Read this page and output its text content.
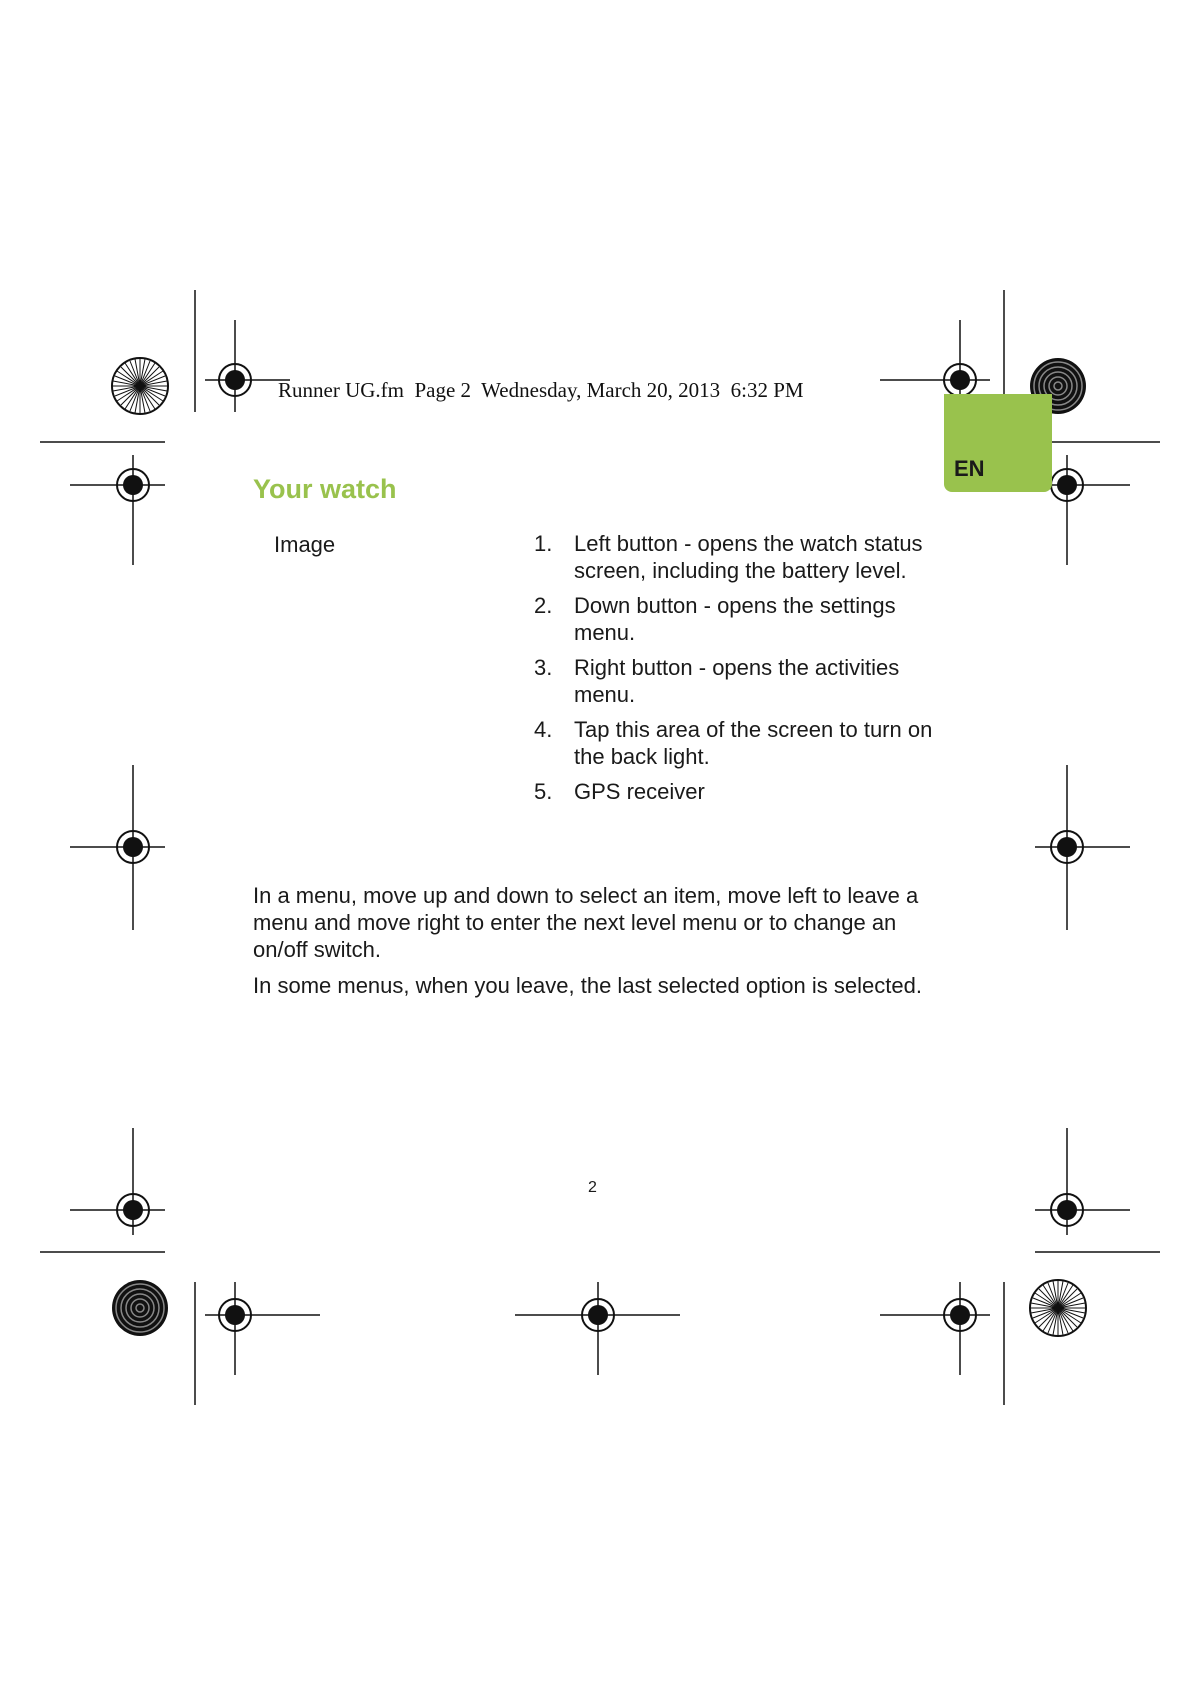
Runner UG.fm  Page 2  Wednesday, March 20, 2013  6:32 PM
EN
Your watch
Image	1. Left button - opens the watch status screen, including the battery level.
2. Down button - opens the settings menu.
3. Right button - opens the activities menu.
4. Tap this area of the screen to turn on the back light.
5. GPS receiver

In a menu, move up and down to select an item, move left to leave a menu and move right to enter the next level menu or to change an on/off switch.

In some menus, when you leave, the last selected option is selected.

2
